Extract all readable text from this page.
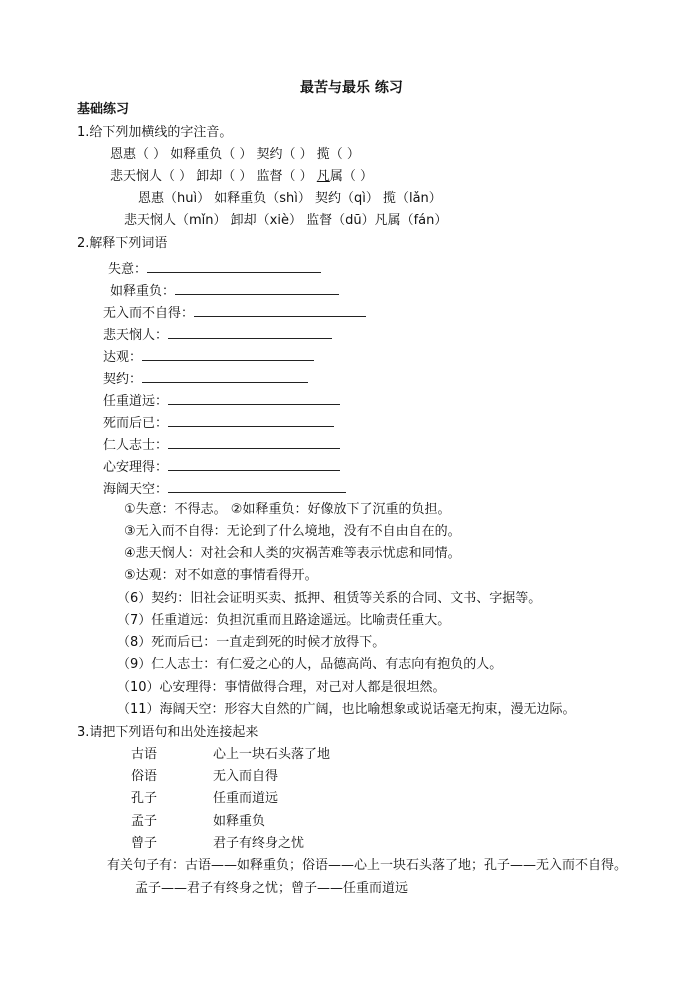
最苦与最乐 练习
基础练习
1.给下列加横线的字注音。
恩惠（ ） 如释重负（ ） 契约（ ） 揽（ ）
悲天悯人（ ） 卸却（ ） 监督（ ） 凡属（ ）
恩惠（huì） 如释重负（shì） 契约（qì） 揽（lǎn）
悲天悯人（mǐn） 卸却（xiè） 监督（dū）凡属（fán）
2.解释下列词语
失意：
如释重负：
无入而不自得：
悲天悯人：
达观：
契约：
任重道远：
死而后已：
仁人志士：
心安理得：
海阔天空：
①失意：不得志。 ②如释重负：好像放下了沉重的负担。
③无入而不自得：无论到了什么境地，没有不自由自在的。
④悲天悯人：对社会和人类的灾祸苦难等表示忧虑和同情。
⑤达观：对不如意的事情看得开。
（6）契约：旧社会证明买卖、抵押、租赁等关系的合同、文书、字据等。
（7）任重道远：负担沉重而且路途遥远。比喻责任重大。
（8）死而后已：一直走到死的时候才放得下。
（9）仁人志士：有仁爱之心的人，品德高尚、有志向有抱负的人。
（10）心安理得：事情做得合理，对己对人都是很坦然。
（11）海阔天空：形容大自然的广阔，也比喻想象或说话毫无拘束，漫无边际。
3.请把下列语句和出处连接起来
古语	心上一块石头落了地
俗语	无入而自得
孔子	任重而道远
孟子	如释重负
曾子	君子有终身之忧
有关句子有：古语——如释重负；俗语——心上一块石头落了地；孔子——无入而不自得。
孟子——君子有终身之忧；曾子——任重而道远
